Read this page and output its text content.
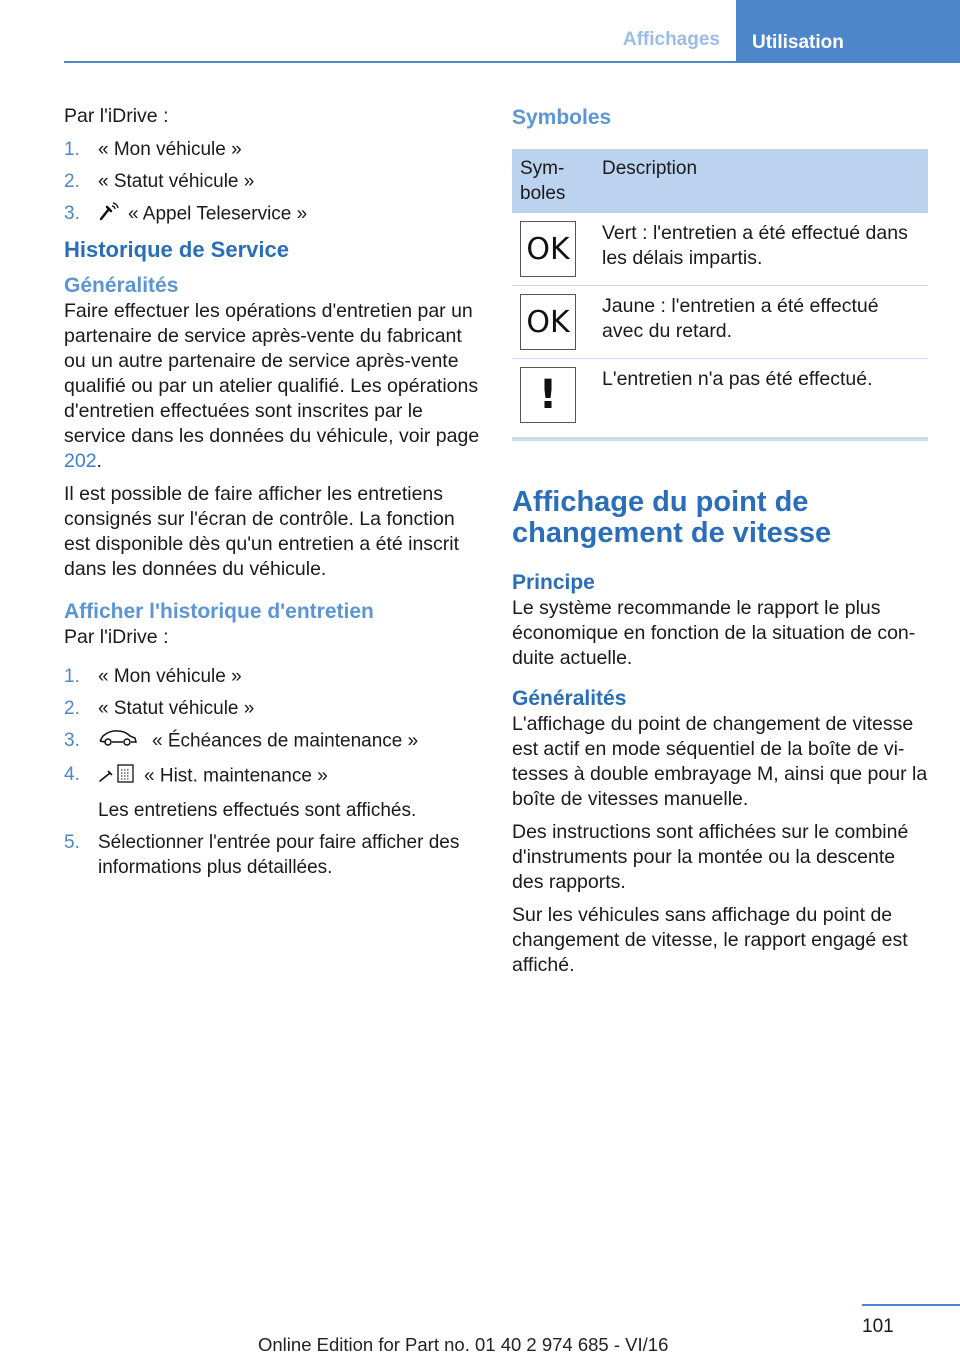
Affichages	Utilisation

Par l'iDrive :

1. « Mon véhicule »
2. « Statut véhicule »
3.	« Appel Teleservice »
Historique de Service
Généralités

Faire effectuer les opérations d'entretien par un partenaire de service après-vente du fabricant ou un autre partenaire de service après-vente qualifié ou par un atelier qualifié. Les opérations d'entretien effectuées sont inscrites par le service dans les données du véhicule, voir page 202.

Il est possible de faire afficher les entretiens consignés sur l'écran de contrôle. La fonction est disponible dès qu'un entretien a été inscrit dans les données du véhicule.

Afficher l'historique d'entretien

Par l'iDrive :

1. « Mon véhicule »
2. « Statut véhicule »
3.	« Échéances de maintenance »
4.	« Hist. maintenance »
Les entretiens effectués sont affichés.
5. Sélectionner l'entrée pour faire afficher des informations plus détaillées.
Symboles
Sym-
boles	Description

OK	Vert : l'entretien a été effectué dans les délais impartis.

OK	Jaune : l'entretien a été effectué avec du retard.

!	L'entretien n'a pas été effectué.
Affichage du point de changement de vitesse
Principe

Le système recommande le rapport le plus économique en fonction de la situation de conduite actuelle.

Généralités

L'affichage du point de changement de vitesse est actif en mode séquentiel de la boîte de vitesses à double embrayage M, ainsi que pour la boîte de vitesses manuelle.

Des instructions sont affichées sur le combiné d'instruments pour la montée ou la descente des rapports.

Sur les véhicules sans affichage du point de changement de vitesse, le rapport engagé est affiché.

101
Online Edition for Part no. 01 40 2 974 685 - VI/16
